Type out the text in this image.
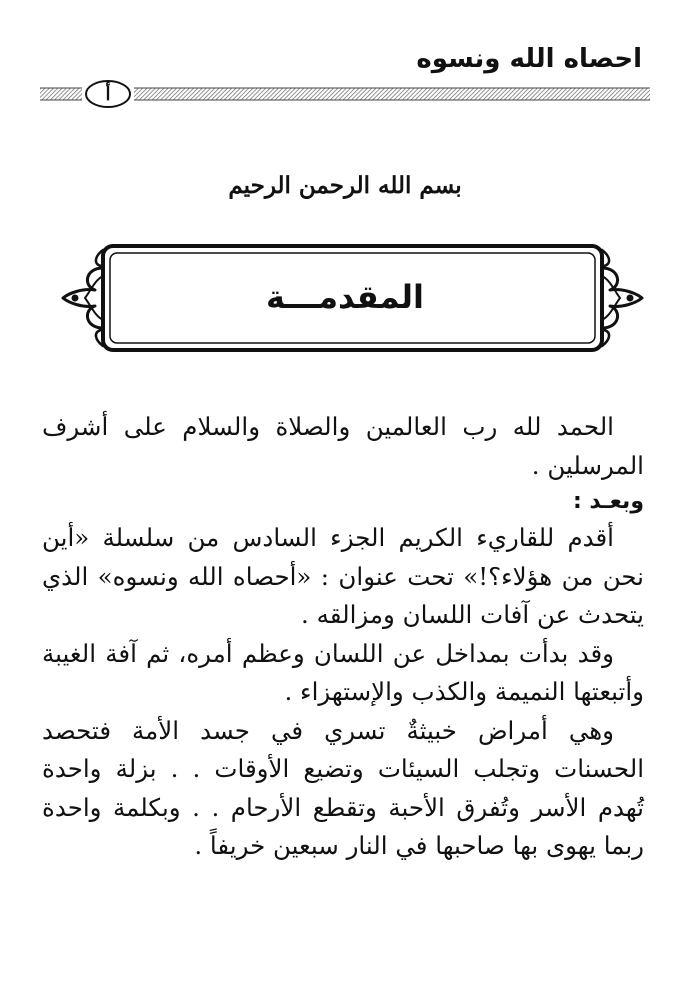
احصاه الله ونسوه
أ
بسم الله الرحمن الرحيم
المقدمـــة

الحمد لله رب العالمين والصلاة والسلام على أشرف المرسلين .

وبعـد :

أقدم للقاريء الكريم الجزء السادس من سلسلة «أين نحن من هؤلاء؟!» تحت عنوان : «أحصاه الله ونسوه» الذي يتحدث عن آفات اللسان ومزالقه .

وقد بدأت بمداخل عن اللسان وعظم أمره، ثم آفة الغيبة وأتبعتها النميمة والكذب والإستهزاء .

وهي أمراض خبيثةٌ تسري في جسد الأمة فتحصد الحسنات وتجلب السيئات وتضيع الأوقات . . بزلة واحدة تُهدم الأسر وتُفرق الأحبة وتقطع الأرحام . . وبكلمة واحدة ربما يهوى بها صاحبها في النار سبعين خريفاً .
